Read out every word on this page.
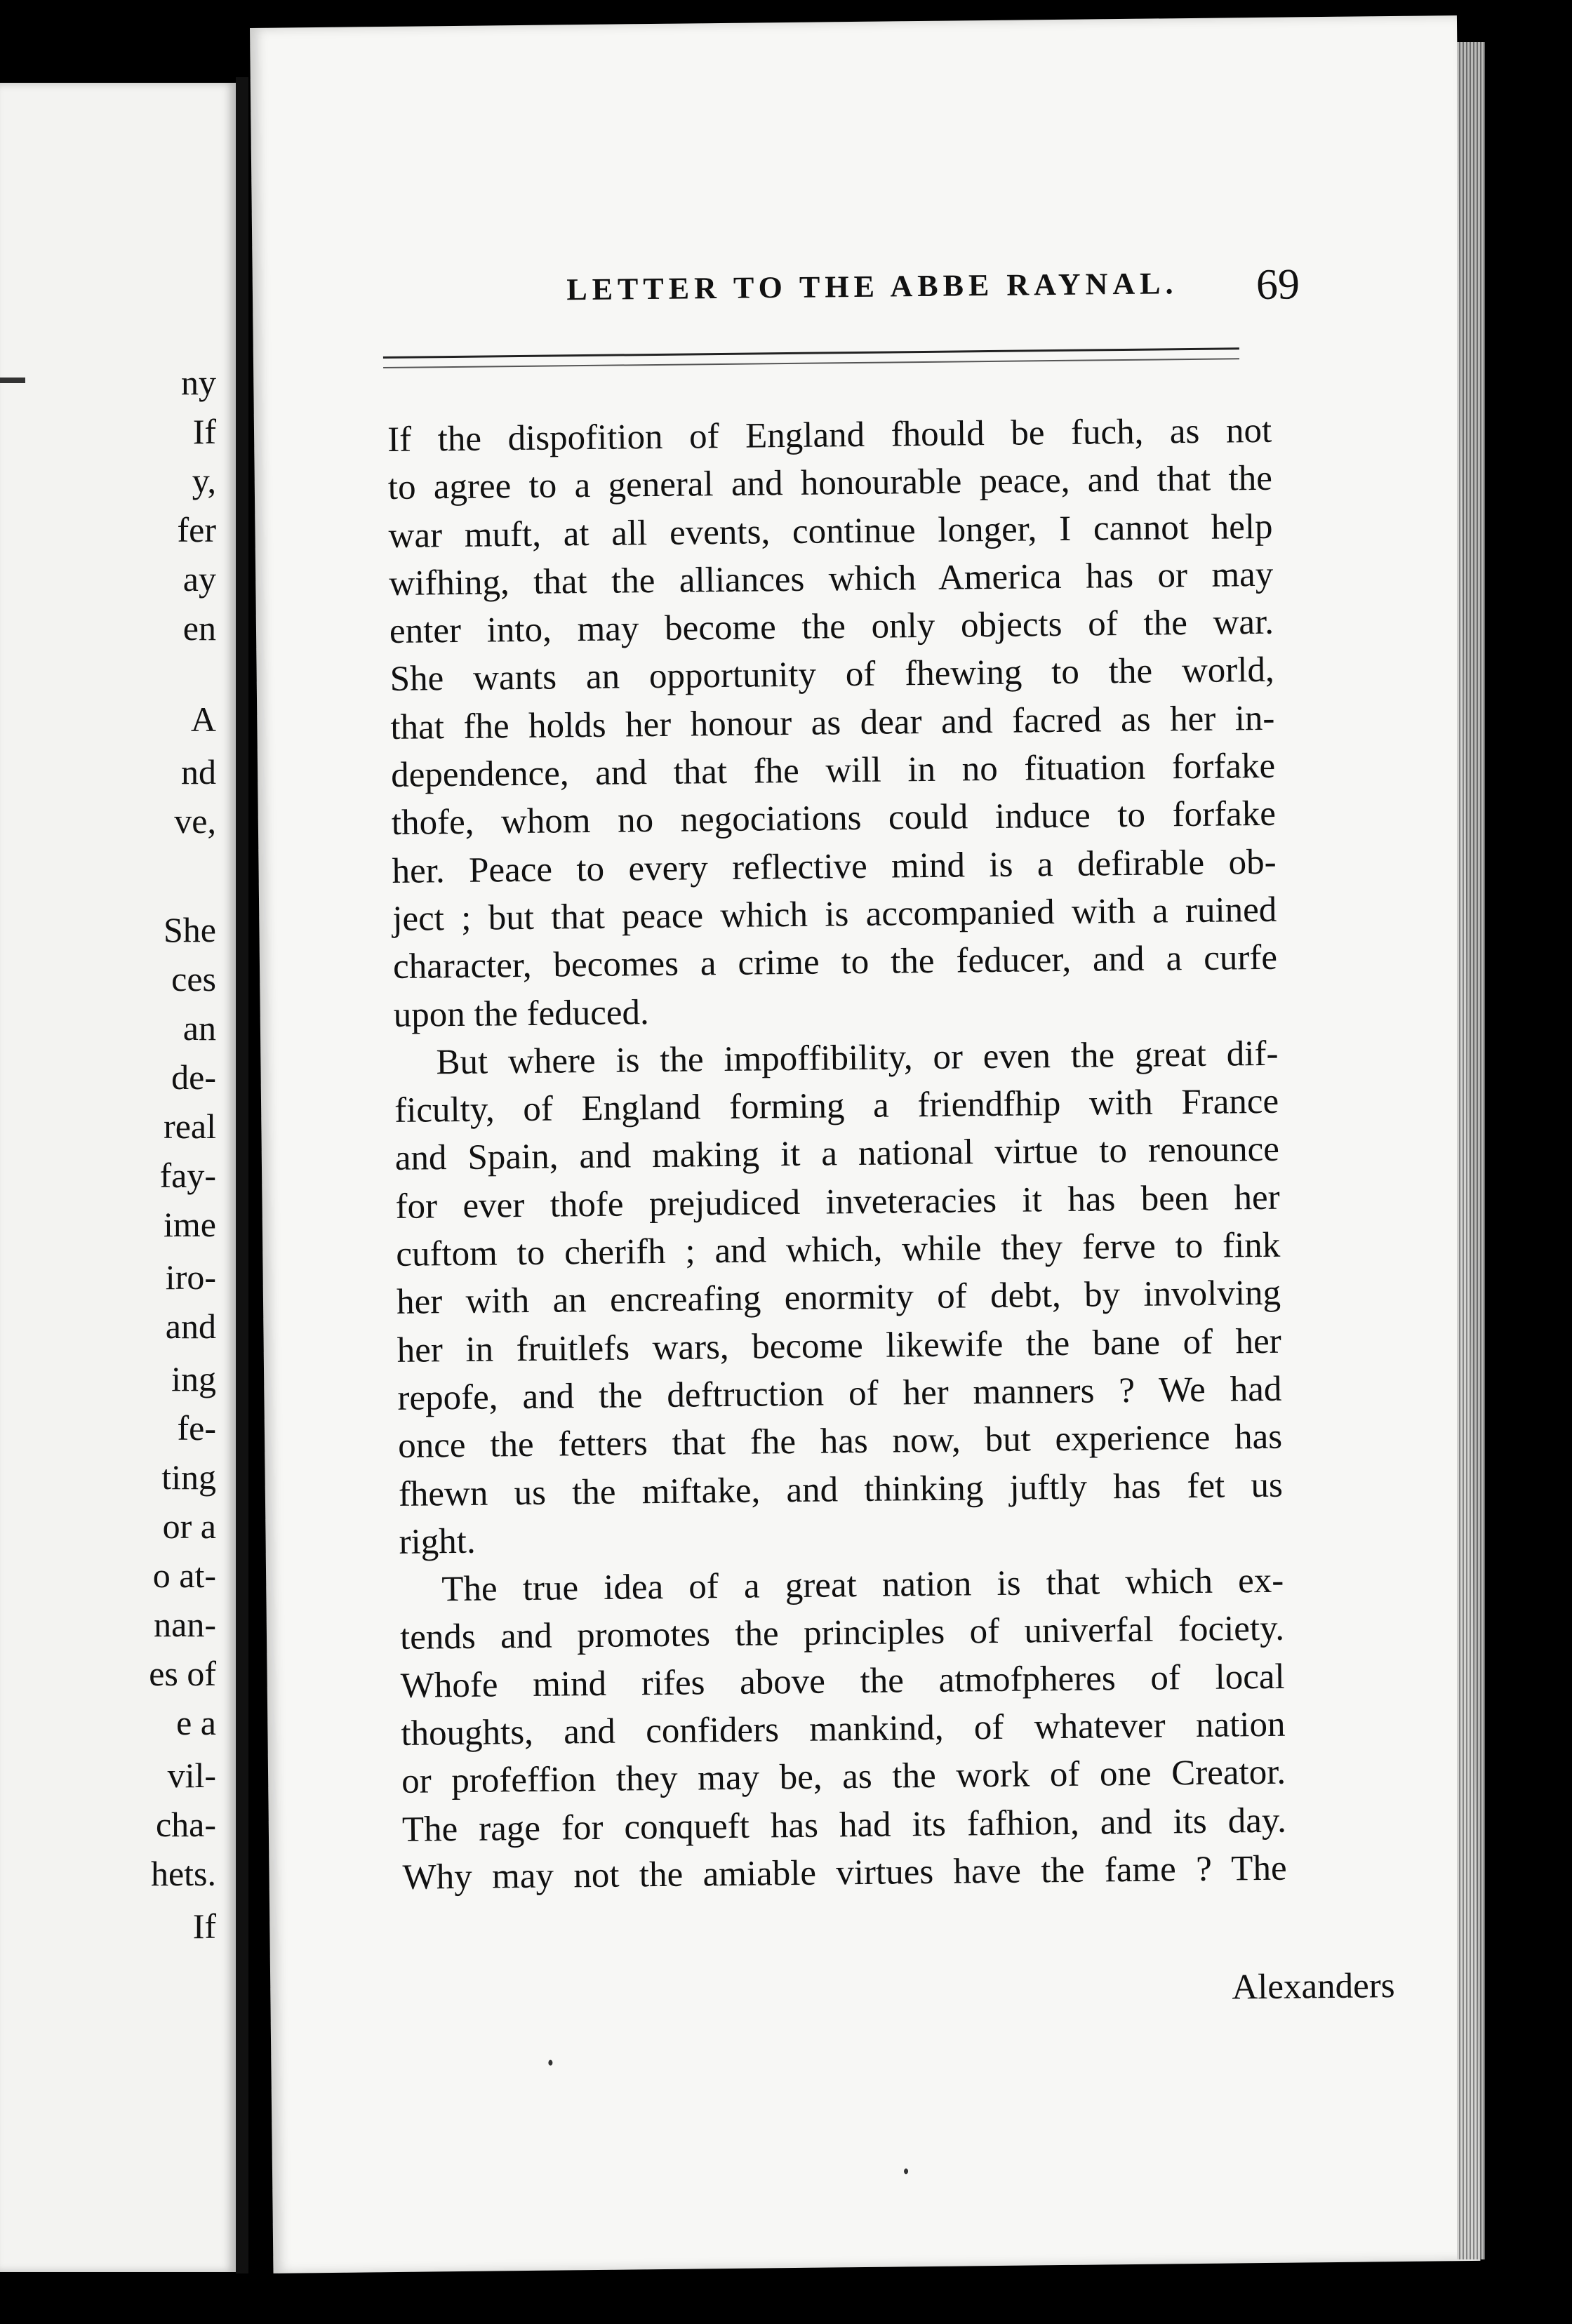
ny
If
y,
fer
ay
en
A
nd
ve,
She
ces
an
de-
real
fay-
ime
iro-
and
ing
fe-
ting
or a
o at-
nan-
es of
e a
vil-
cha-
hets.
If
LETTER TO THE ABBE RAYNAL.	69
If the dispofition of England fhould be fuch, as not
to agree to a general and honourable peace, and that the
war muft, at all events, continue longer, I cannot help
wifhing, that the alliances which America has or may
enter into, may become the only objects of the war.
She wants an opportunity of fhewing to the world,
that fhe holds her honour as dear and facred as her in-
dependence, and that fhe will in no fituation forfake
thofe, whom no negociations could induce to forfake
her. Peace to every reflective mind is a defirable ob-
ject ; but that peace which is accompanied with a ruined
character, becomes a crime to the feducer, and a curfe
upon the feduced.
But where is the impoffibility, or even the great dif-
ficulty, of England forming a friendfhip with France
and Spain, and making it a national virtue to renounce
for ever thofe prejudiced inveteracies it has been her
cuftom to cherifh ; and which, while they ferve to fink
her with an encreafing enormity of debt, by involving
her in fruitlefs wars, become likewife the bane of her
repofe, and the deftruction of her manners ? We had
once the fetters that fhe has now, but experience has
fhewn us the miftake, and thinking juftly has fet us
right.
The true idea of a great nation is that which ex-
tends and promotes the principles of univerfal fociety.
Whofe mind rifes above the atmofpheres of local
thoughts, and confiders mankind, of whatever nation
or profeffion they may be, as the work of one Creator.
The rage for conqueft has had its fafhion, and its day.
Why may not the amiable virtues have the fame ? The
Alexanders
